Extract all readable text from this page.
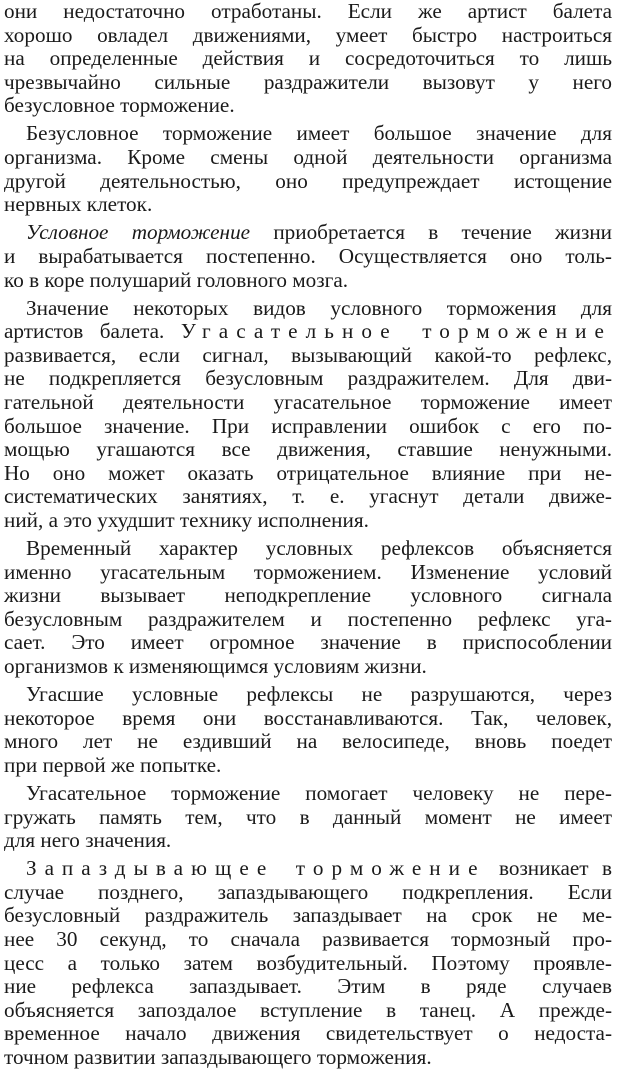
они недостаточно отработаны. Если же артист балета
хорошо овладел движениями, умеет быстро настроиться
на определенные действия и сосредоточиться то лишь
чрезвычайно сильные раздражители вызовут у него
безусловное торможение.
Безусловное торможение имеет большое значение для
организма. Кроме смены одной деятельности организма
другой деятельностью, оно предупреждает истощение
нервных клеток.
Условное торможение приобретается в течение жизни
и вырабатывается постепенно. Осуществляется оно толь-
ко в коре полушарий головного мозга.
Значение некоторых видов условного торможения для
артистов балета. Угасательное торможение
развивается, если сигнал, вызывающий какой-то рефлекс,
не подкрепляется безусловным раздражителем. Для дви-
гательной деятельности угасательное торможение имеет
большое значение. При исправлении ошибок с его по-
мощью угашаются все движения, ставшие ненужными.
Но оно может оказать отрицательное влияние при не-
систематических занятиях, т. е. угаснут детали движе-
ний, а это ухудшит технику исполнения.
Временный характер условных рефлексов объясняется
именно угасательным торможением. Изменение условий
жизни вызывает неподкрепление условного сигнала
безусловным раздражителем и постепенно рефлекс уга-
сает. Это имеет огромное значение в приспособлении
организмов к изменяющимся условиям жизни.
Угасшие условные рефлексы не разрушаются, через
некоторое время они восстанавливаются. Так, человек,
много лет не ездивший на велосипеде, вновь поедет
при первой же попытке.
Угасательное торможение помогает человеку не пере-
гружать память тем, что в данный момент не имеет
для него значения.
Запаздывающее торможение возникает в
случае позднего, запаздывающего подкрепления. Если
безусловный раздражитель запаздывает на срок не ме-
нее 30 секунд, то сначала развивается тормозный про-
цесс а только затем возбудительный. Поэтому проявле-
ние рефлекса запаздывает. Этим в ряде случаев
объясняется запоздалое вступление в танец. А прежде-
временное начало движения свидетельствует о недоста-
точном развитии запаздывающего торможения.
